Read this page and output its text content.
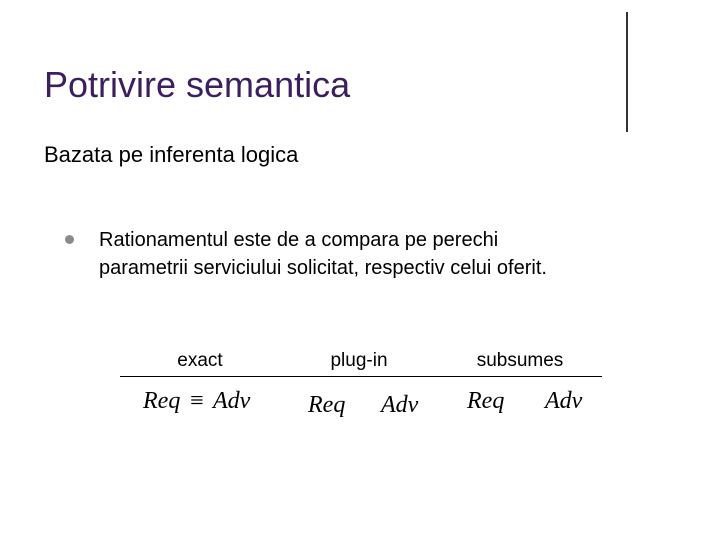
Potrivire semantica
Bazata pe inferenta logica
Rationamentul este de a compara pe perechi
parametrii serviciului solicitat, respectiv celui oferit.
exact	plug-in	subsumes
Req ≡ Adv Req Adv Req Adv
